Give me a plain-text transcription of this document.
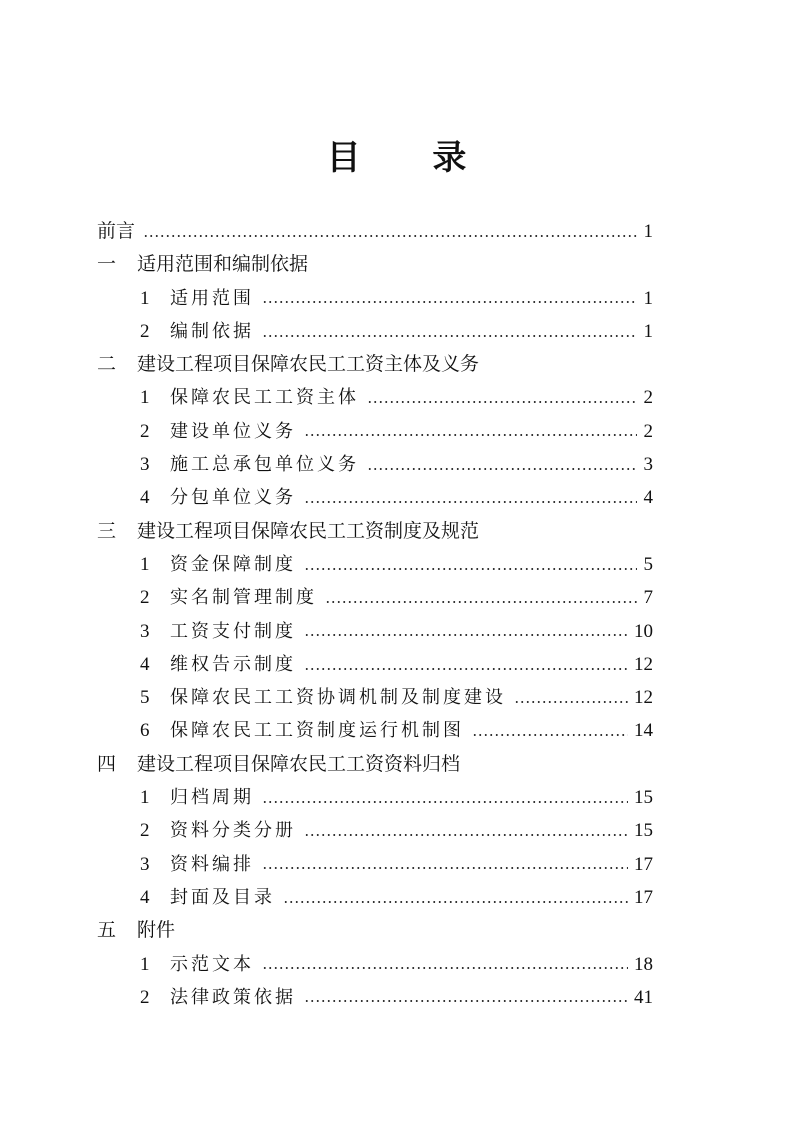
目 录
前言	1
一	适用范围和编制依据
1	适用范围	1
2	编制依据	1
二	建设工程项目保障农民工工资主体及义务
1	保障农民工工资主体	2
2	建设单位义务	2
3	施工总承包单位义务	3
4	分包单位义务	4
三	建设工程项目保障农民工工资制度及规范
1	资金保障制度	5
2	实名制管理制度	7
3	工资支付制度	10
4	维权告示制度	12
5	保障农民工工资协调机制及制度建设	12
6	保障农民工工资制度运行机制图	14
四	建设工程项目保障农民工工资资料归档
1	归档周期	15
2	资料分类分册	15
3	资料编排	17
4	封面及目录	17
五	附件
1	示范文本	18
2	法律政策依据	41
